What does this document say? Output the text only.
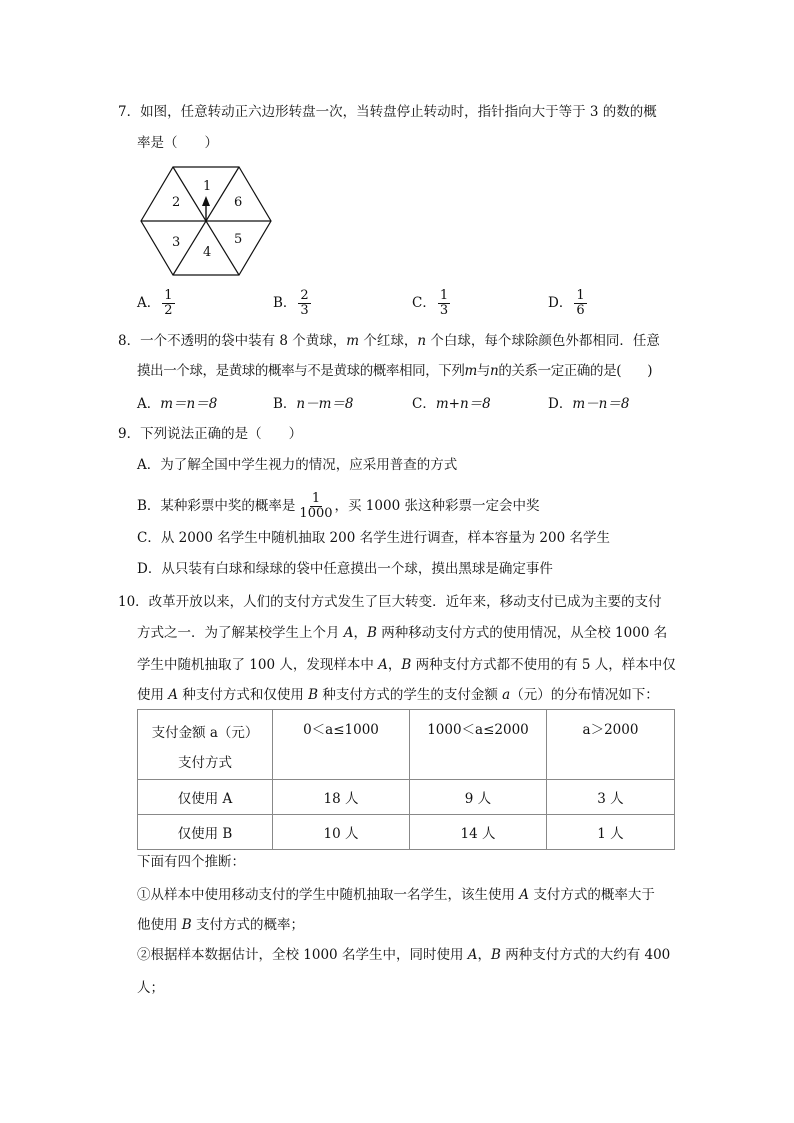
7．如图，任意转动正六边形转盘一次，当转盘停止转动时，指针指向大于等于 3 的数的概
率是（　　）
1
2
3
4
5
6
A． $\frac{1}{2}$	B． $\frac{2}{3}$	C． $\frac{1}{3}$	D． $\frac{1}{6}$
8．一个不透明的袋中装有 8 个黄球，m 个红球，n 个白球，每个球除颜色外都相同．任意
摸出一个球，是黄球的概率与不是黄球的概率相同，下列m与n的关系一定正确的是(　　)
A．m＝n＝8	B．n－m＝8	C．m+n＝8	D．m－n＝8
9．下列说法正确的是（　　）
A．为了解全国中学生视力的情况，应采用普查的方式
B．某种彩票中奖的概率是 $\frac{1}{1000}$ ，买 1000 张这种彩票一定会中奖
C．从 2000 名学生中随机抽取 200 名学生进行调查，样本容量为 200 名学生
D．从只装有白球和绿球的袋中任意摸出一个球，摸出黑球是确定事件
10．改革开放以来，人们的支付方式发生了巨大转变．近年来，移动支付已成为主要的支付
方式之一．为了解某校学生上个月 A，B 两种移动支付方式的使用情况，从全校 1000 名
学生中随机抽取了 100 人，发现样本中 A，B 两种支付方式都不使用的有 5 人，样本中仅
使用 A 种支付方式和仅使用 B 种支付方式的学生的支付金额 a（元）的分布情况如下：
支付金额 a（元）
支付方式	0＜a≤1000	1000＜a≤2000	a＞2000
仅使用 A	18 人	9 人	3 人
仅使用 B	10 人	14 人	1 人
下面有四个推断：
①从样本中使用移动支付的学生中随机抽取一名学生，该生使用 A 支付方式的概率大于
他使用 B 支付方式的概率；
②根据样本数据估计，全校 1000 名学生中，同时使用 A，B 两种支付方式的大约有 400
人；
